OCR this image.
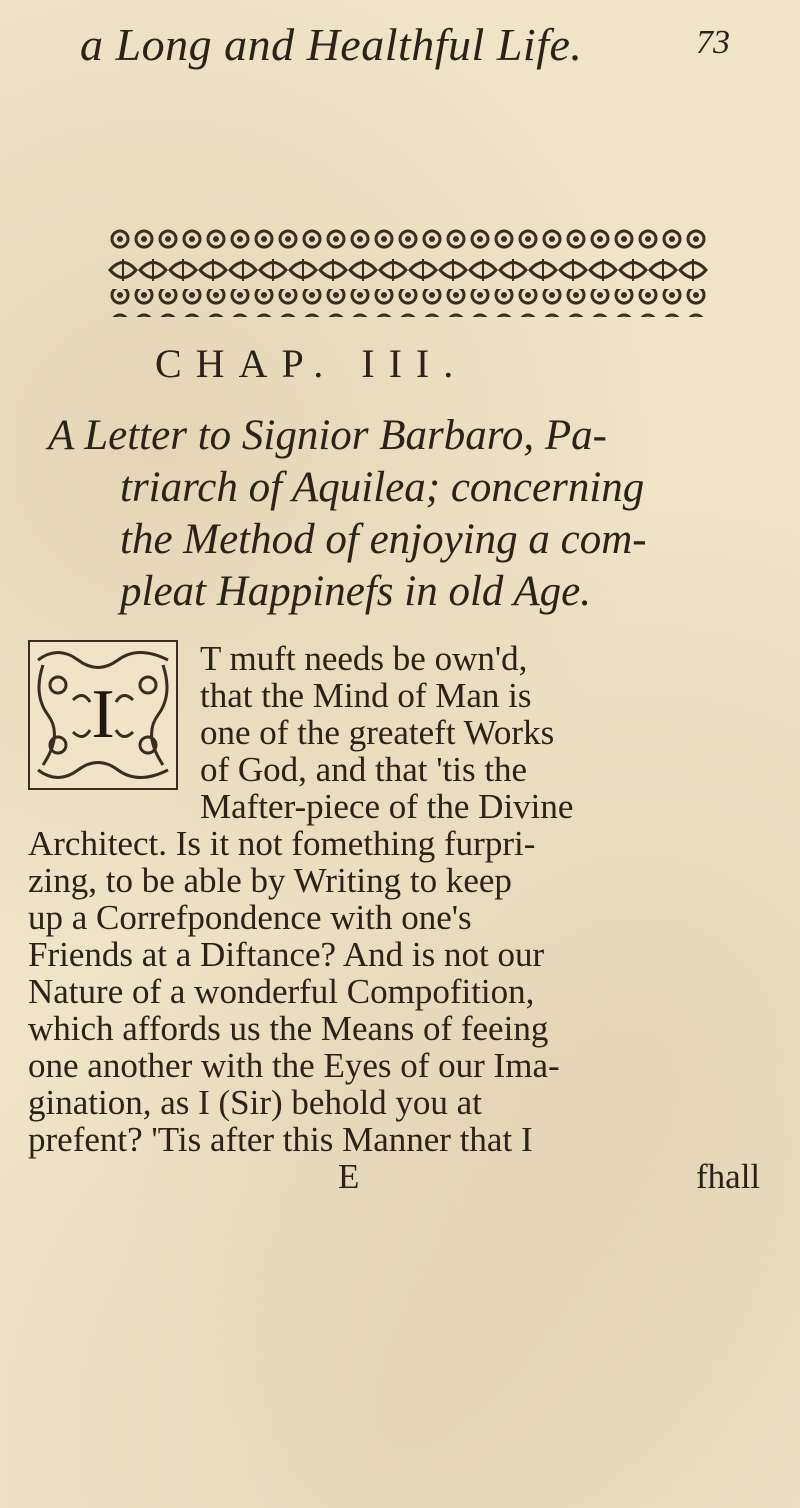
a Long and Healthful Life.	73
CHAP. III.
A Letter to Signior Barbaro, Pa-
triarch of Aquilea; concerning
the Method of enjoying a com-
pleat Happinefs in old Age.
T muft needs be own'd,
that the Mind of Man is
one of the greateft Works
of God, and that 'tis the
Mafter-piece of the Divine
Architect. Is it not fomething furpri-
zing, to be able by Writing to keep
up a Correfpondence with one's
Friends at a Diftance? And is not our
Nature of a wonderful Compofition,
which affords us the Means of feeing
one another with the Eyes of our Ima-
gination, as I (Sir) behold you at
prefent? 'Tis after this Manner that I
E	fhall
I
